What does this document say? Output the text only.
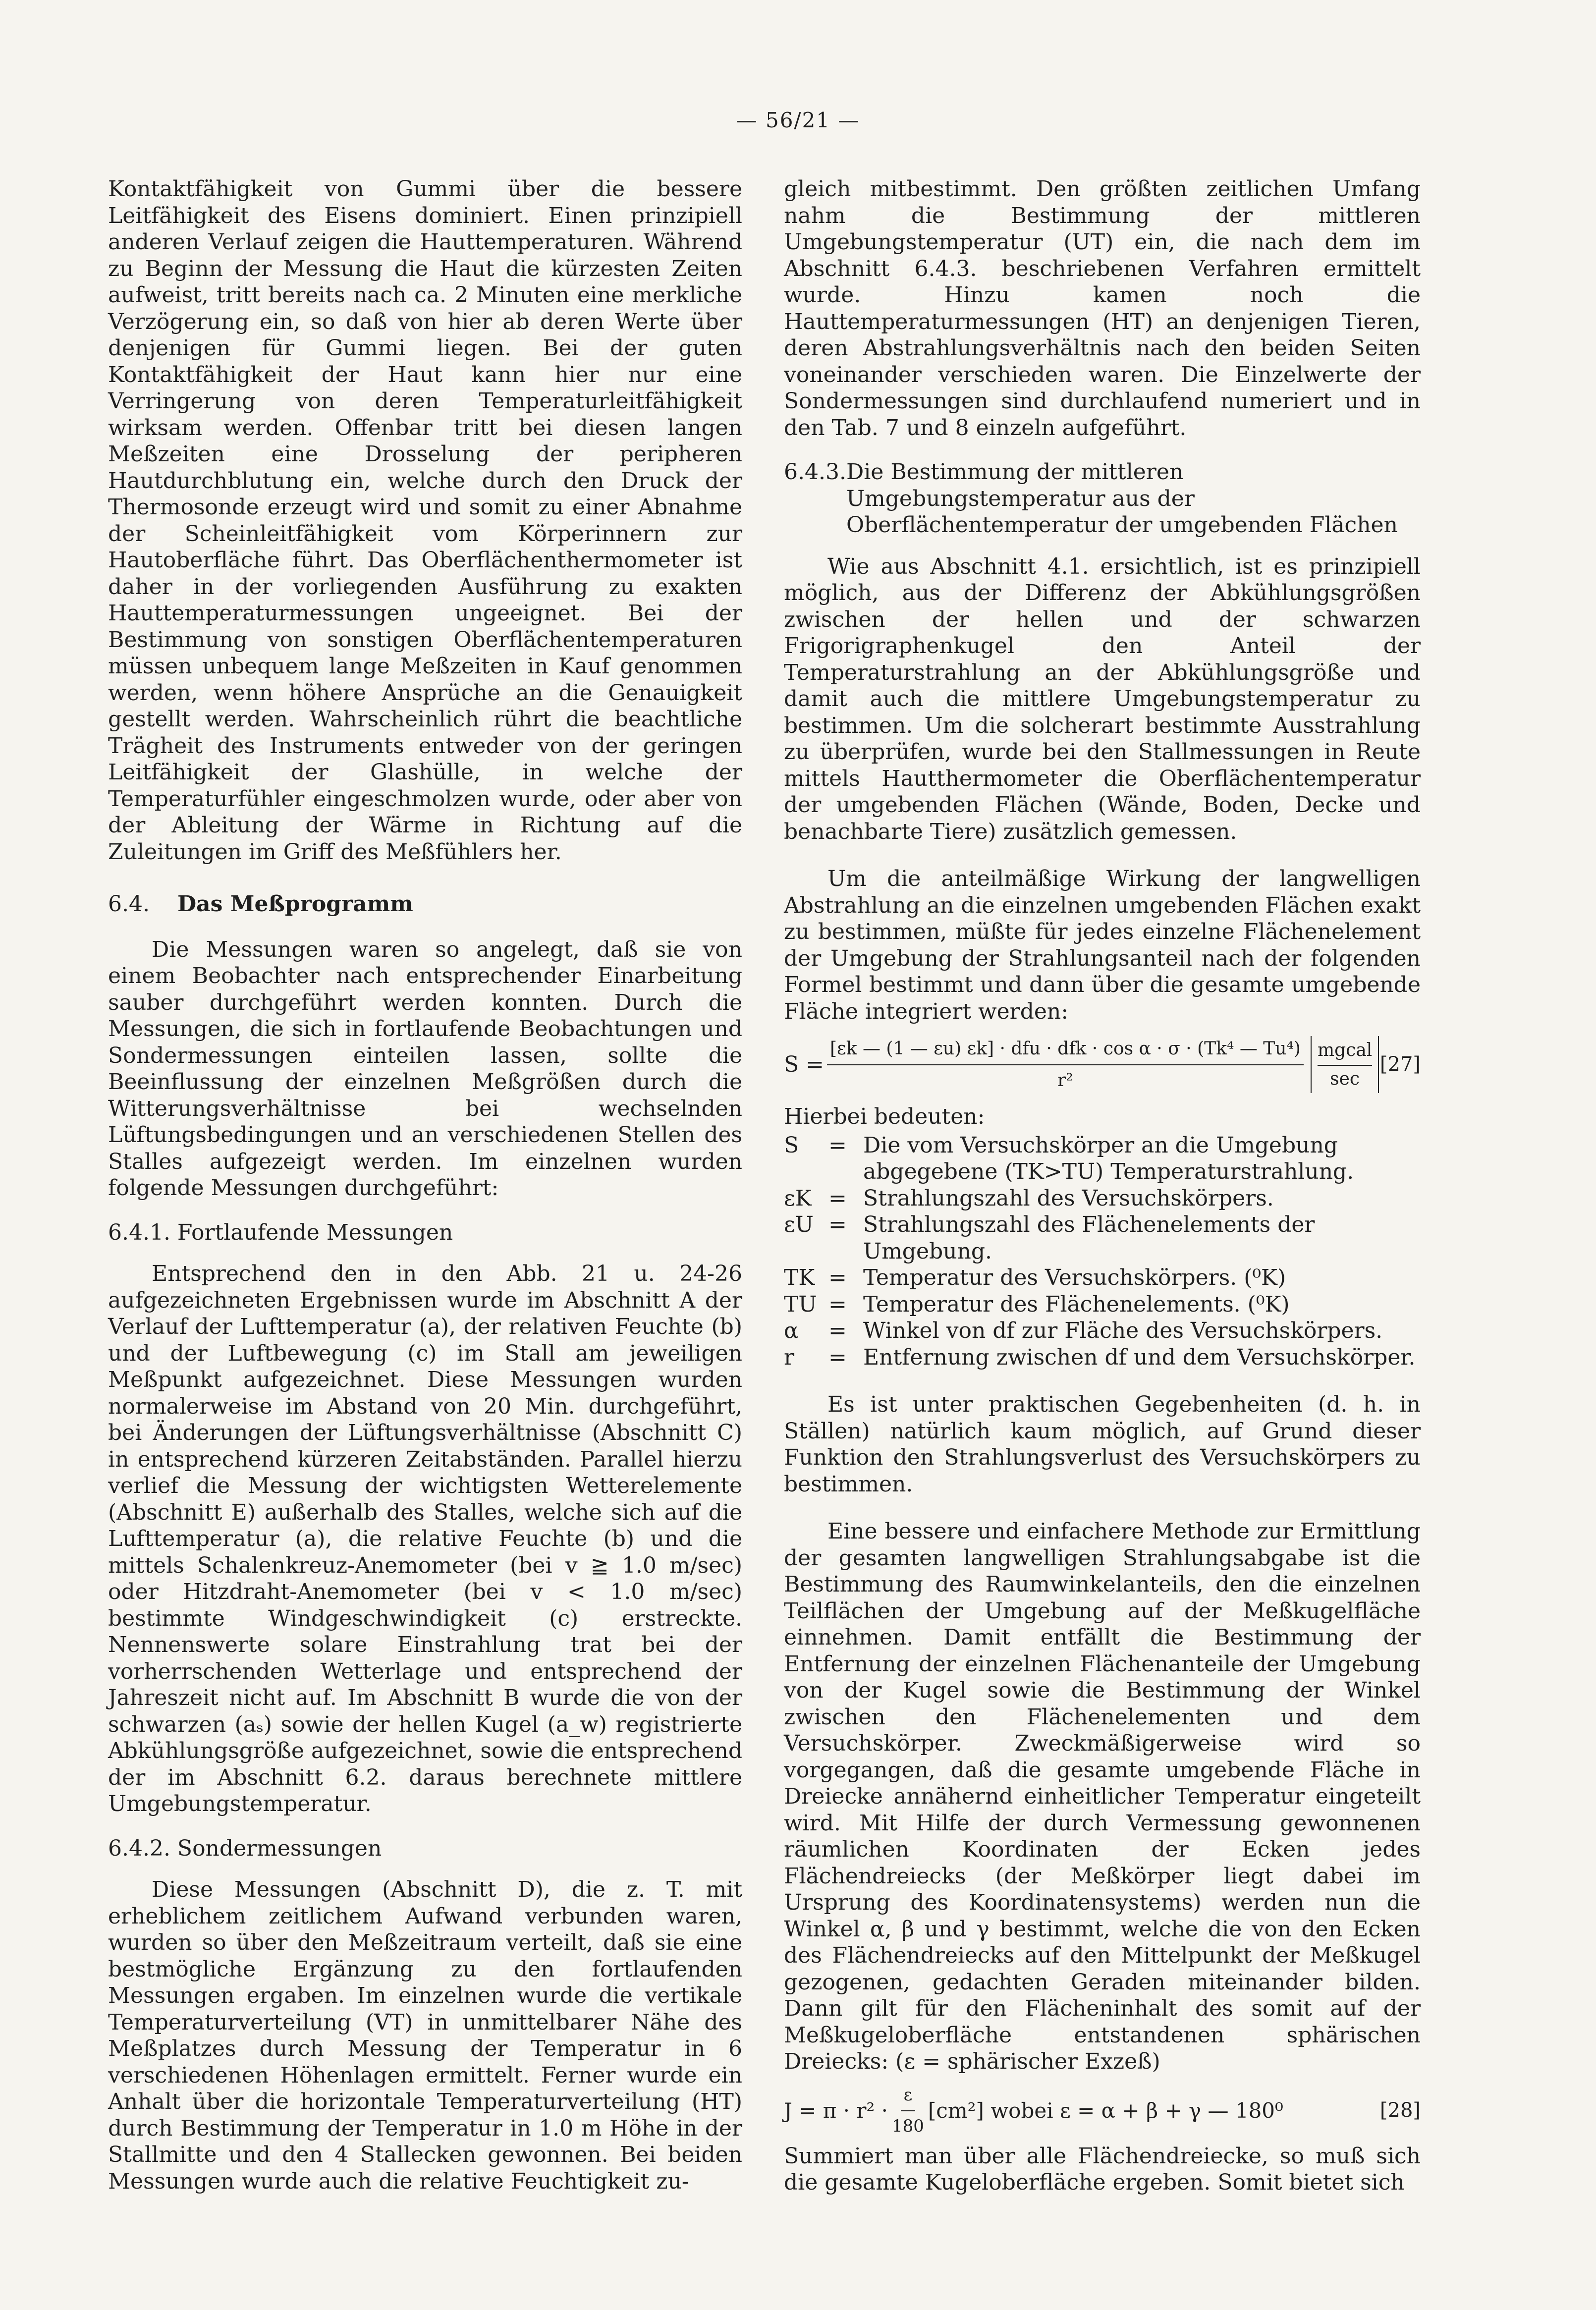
— 56/21 —

Kontaktfähigkeit von Gummi über die bessere Leitfähigkeit des Eisens dominiert. Einen prinzipiell anderen Verlauf zeigen die Hauttemperaturen. Während zu Beginn der Messung die Haut die kürzesten Zeiten aufweist, tritt bereits nach ca. 2 Minuten eine merkliche Verzögerung ein, so daß von hier ab deren Werte über denjenigen für Gummi liegen. Bei der guten Kontaktfähigkeit der Haut kann hier nur eine Verringerung von deren Temperaturleitfähigkeit wirksam werden. Offenbar tritt bei diesen langen Meßzeiten eine Drosselung der peripheren Hautdurchblutung ein, welche durch den Druck der Thermosonde erzeugt wird und somit zu einer Abnahme der Scheinleitfähigkeit vom Körperinnern zur Hautoberfläche führt. Das Oberflächenthermometer ist daher in der vorliegenden Ausführung zu exakten Hauttemperaturmessungen ungeeignet. Bei der Bestimmung von sonstigen Oberflächentemperaturen müssen unbequem lange Meßzeiten in Kauf genommen werden, wenn höhere Ansprüche an die Genauigkeit gestellt werden. Wahrscheinlich rührt die beachtliche Trägheit des Instruments entweder von der geringen Leitfähigkeit der Glashülle, in welche der Temperaturfühler eingeschmolzen wurde, oder aber von der Ableitung der Wärme in Richtung auf die Zuleitungen im Griff des Meßfühlers her.

6.4. Das Meßprogramm

Die Messungen waren so angelegt, daß sie von einem Beobachter nach entsprechender Einarbeitung sauber durchgeführt werden konnten. Durch die Messungen, die sich in fortlaufende Beobachtungen und Sondermessungen einteilen lassen, sollte die Beeinflussung der einzelnen Meßgrößen durch die Witterungsverhältnisse bei wechselnden Lüftungsbedingungen und an verschiedenen Stellen des Stalles aufgezeigt werden. Im einzelnen wurden folgende Messungen durchgeführt:

6.4.1. Fortlaufende Messungen

Entsprechend den in den Abb. 21 u. 24-26 aufgezeichneten Ergebnissen wurde im Abschnitt A der Verlauf der Lufttemperatur (a), der relativen Feuchte (b) und der Luftbewegung (c) im Stall am jeweiligen Meßpunkt aufgezeichnet. Diese Messungen wurden normalerweise im Abstand von 20 Min. durchgeführt, bei Änderungen der Lüftungsverhältnisse (Abschnitt C) in entsprechend kürzeren Zeitabständen. Parallel hierzu verlief die Messung der wichtigsten Wetterelemente (Abschnitt E) außerhalb des Stalles, welche sich auf die Lufttemperatur (a), die relative Feuchte (b) und die mittels Schalenkreuz-Anemometer (bei v ≧ 1.0 m/sec) oder Hitzdraht-Anemometer (bei v < 1.0 m/sec) bestimmte Windgeschwindigkeit (c) erstreckte. Nennenswerte solare Einstrahlung trat bei der vorherrschenden Wetterlage und entsprechend der Jahreszeit nicht auf. Im Abschnitt B wurde die von der schwarzen (aₛ) sowie der hellen Kugel (a_w) registrierte Abkühlungsgröße aufgezeichnet, sowie die entsprechend der im Abschnitt 6.2. daraus berechnete mittlere Umgebungstemperatur.

6.4.2. Sondermessungen

Diese Messungen (Abschnitt D), die z. T. mit erheblichem zeitlichem Aufwand verbunden waren, wurden so über den Meßzeitraum verteilt, daß sie eine bestmögliche Ergänzung zu den fortlaufenden Messungen ergaben. Im einzelnen wurde die vertikale Temperaturverteilung (VT) in unmittelbarer Nähe des Meßplatzes durch Messung der Temperatur in 6 verschiedenen Höhenlagen ermittelt. Ferner wurde ein Anhalt über die horizontale Temperaturverteilung (HT) durch Bestimmung der Temperatur in 1.0 m Höhe in der Stallmitte und den 4 Stallecken gewonnen. Bei beiden Messungen wurde auch die relative Feuchtigkeit zu-

gleich mitbestimmt. Den größten zeitlichen Umfang nahm die Bestimmung der mittleren Umgebungstemperatur (UT) ein, die nach dem im Abschnitt 6.4.3. beschriebenen Verfahren ermittelt wurde. Hinzu kamen noch die Hauttemperaturmessungen (HT) an denjenigen Tieren, deren Abstrahlungsverhältnis nach den beiden Seiten voneinander verschieden waren. Die Einzelwerte der Sondermessungen sind durchlaufend numeriert und in den Tab. 7 und 8 einzeln aufgeführt.

6.4.3. Die Bestimmung der mittleren Umgebungstemperatur aus der Oberflächentemperatur der umgebenden Flächen

Wie aus Abschnitt 4.1. ersichtlich, ist es prinzipiell möglich, aus der Differenz der Abkühlungsgrößen zwischen der hellen und der schwarzen Frigorigraphenkugel den Anteil der Temperaturstrahlung an der Abkühlungsgröße und damit auch die mittlere Umgebungstemperatur zu bestimmen. Um die solcherart bestimmte Ausstrahlung zu überprüfen, wurde bei den Stallmessungen in Reute mittels Hautthermometer die Oberflächentemperatur der umgebenden Flächen (Wände, Boden, Decke und benachbarte Tiere) zusätzlich gemessen.

Um die anteilmäßige Wirkung der langwelligen Abstrahlung an die einzelnen umgebenden Flächen exakt zu bestimmen, müßte für jedes einzelne Flächenelement der Umgebung der Strahlungsanteil nach der folgenden Formel bestimmt und dann über die gesamte umgebende Fläche integriert werden:

$S = \frac{\text{[εk — (1 — εu) εk] · dfu · dfk · cos α · σ · (Tk⁴ — Tu⁴)}}{\text{r²}}$ mgcal
sec
[27]

Hierbei bedeuten:

S	= Die vom Versuchskörper an die Umgebung abgegebene (TK>TU) Temperaturstrahlung.
εK = Strahlungszahl des Versuchskörpers.
εU = Strahlungszahl des Flächenelements der Umgebung.
TK = Temperatur des Versuchskörpers. (⁰K)
TU = Temperatur des Flächenelements. (⁰K)
α	= Winkel von df zur Fläche des Versuchskörpers.
r	= Entfernung zwischen df und dem Versuchskörper.

Es ist unter praktischen Gegebenheiten (d. h. in Ställen) natürlich kaum möglich, auf Grund dieser Funktion den Strahlungsverlust des Versuchskörpers zu bestimmen.

Eine bessere und einfachere Methode zur Ermittlung der gesamten langwelligen Strahlungsabgabe ist die Bestimmung des Raumwinkelanteils, den die einzelnen Teilflächen der Umgebung auf der Meßkugelfläche einnehmen. Damit entfällt die Bestimmung der Entfernung der einzelnen Flächenanteile der Umgebung von der Kugel sowie die Bestimmung der Winkel zwischen den Flächenelementen und dem Versuchskörper. Zweckmäßigerweise wird so vorgegangen, daß die gesamte umgebende Fläche in Dreiecke annähernd einheitlicher Temperatur eingeteilt wird. Mit Hilfe der durch Vermessung gewonnenen räumlichen Koordinaten der Ecken jedes Flächendreiecks (der Meßkörper liegt dabei im Ursprung des Koordinatensystems) werden nun die Winkel α, β und γ bestimmt, welche die von den Ecken des Flächendreiecks auf den Mittelpunkt der Meßkugel gezogenen, gedachten Geraden miteinander bilden. Dann gilt für den Flächeninhalt des somit auf der Meßkugeloberfläche entstandenen sphärischen Dreiecks: (ε = sphärischer Exzeß)

$J = \pi \cdot r^2 \cdot \frac{\varepsilon}{180} [cm^2]$ wobei ε = α + β + γ — 180⁰	[28]

Summiert man über alle Flächendreiecke, so muß sich die gesamte Kugeloberfläche ergeben. Somit bietet sich
